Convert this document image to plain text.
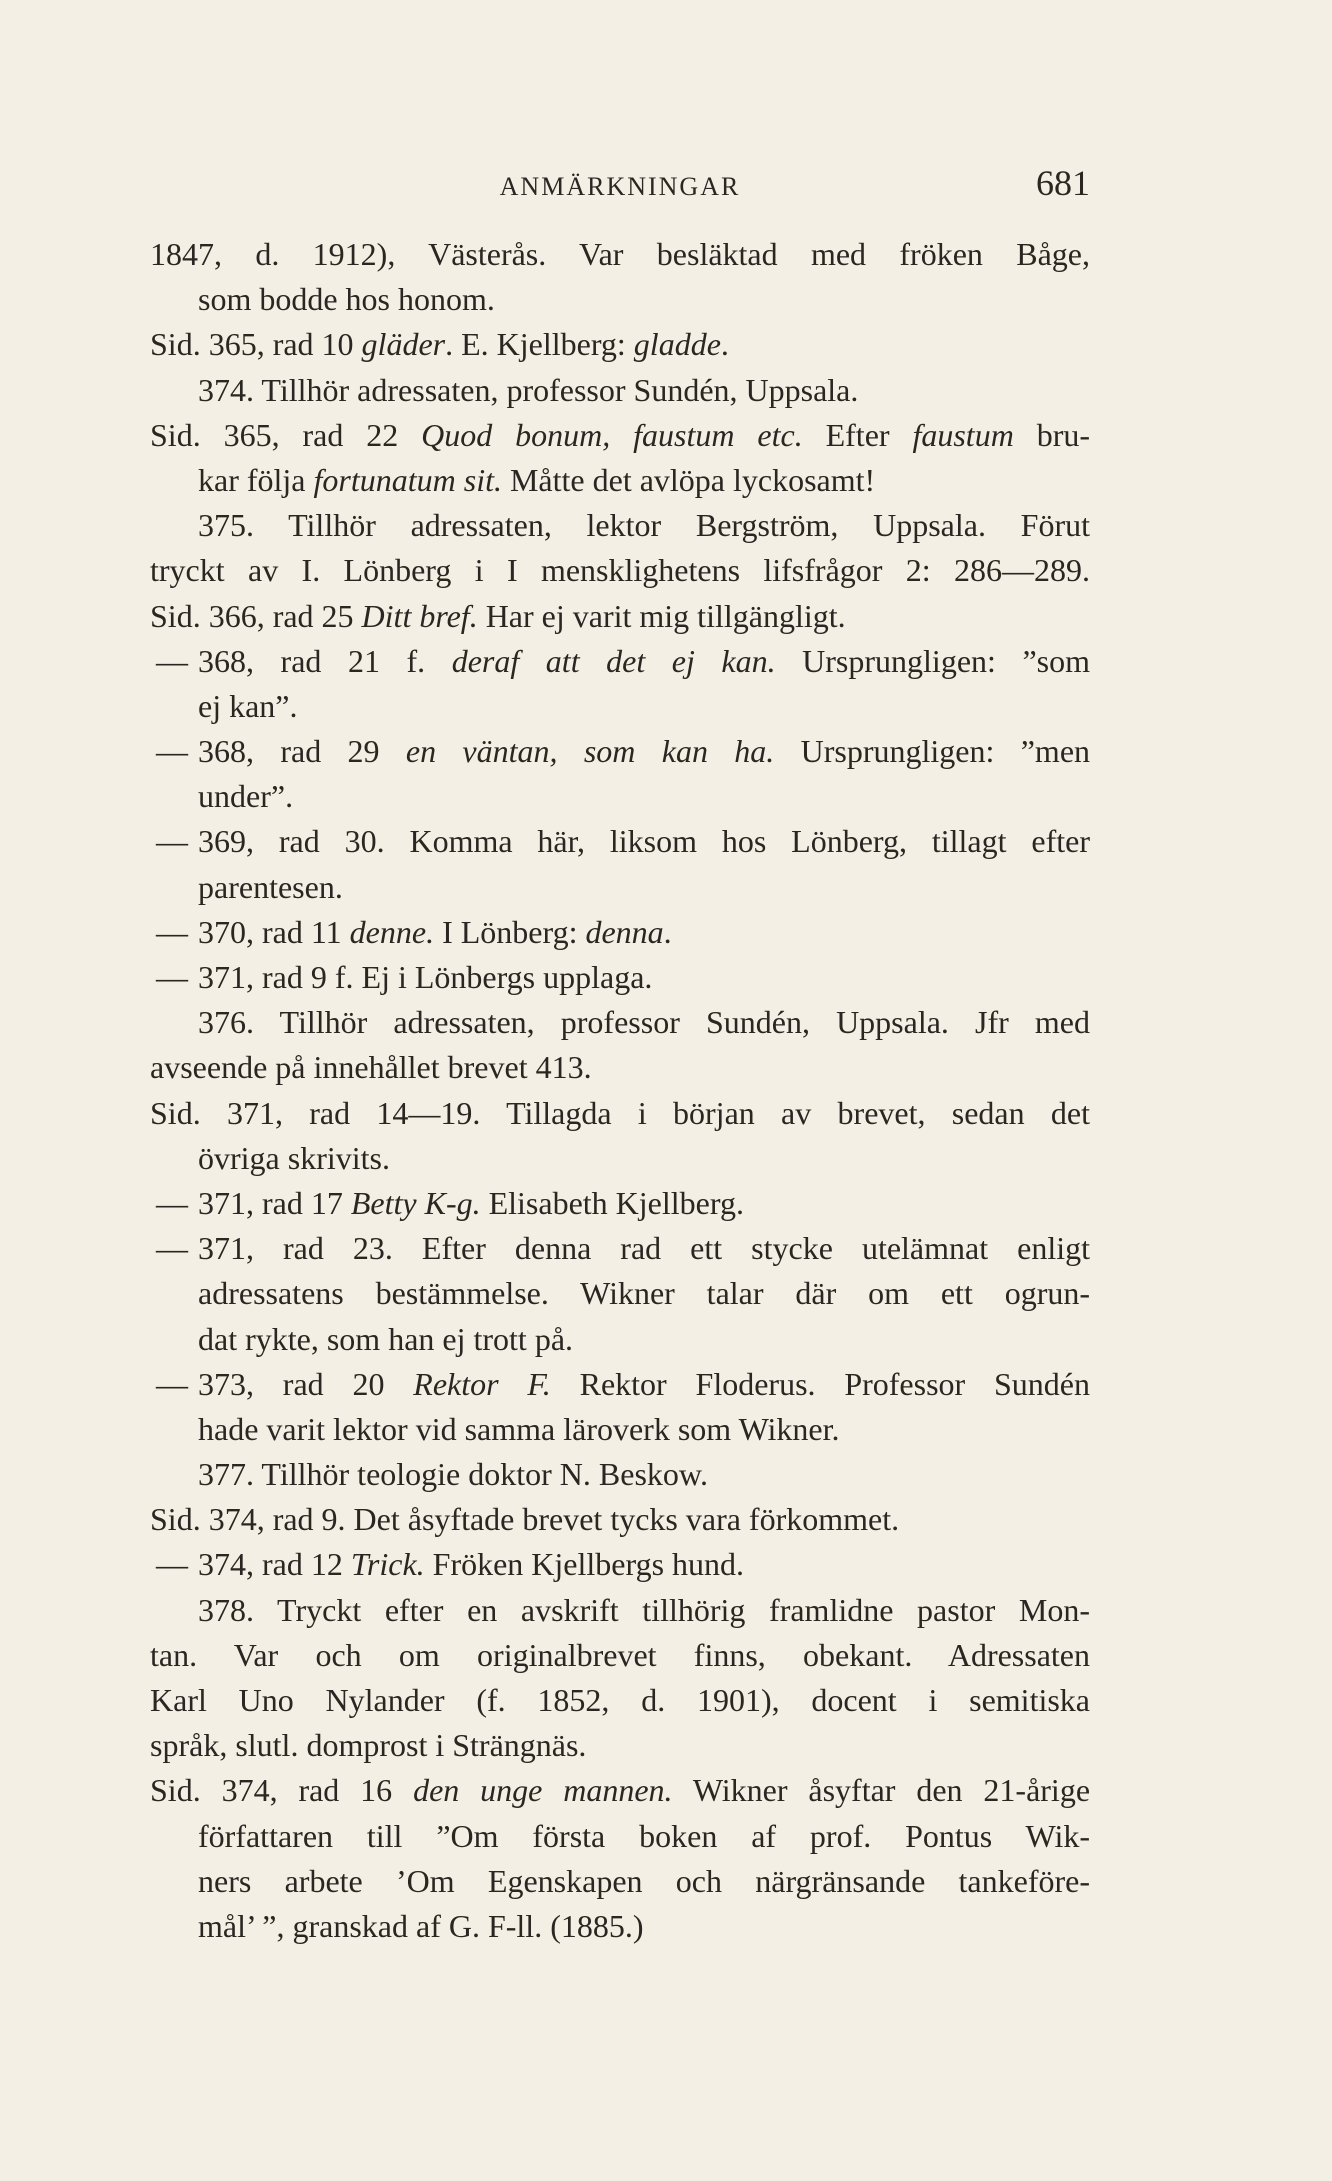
ANMÄRKNINGAR	681
1847, d. 1912), Västerås. Var besläktad med fröken Båge,
som bodde hos honom.
Sid. 365, rad 10 gläder. E. Kjellberg: gladde.
374. Tillhör adressaten, professor Sundén, Uppsala.
Sid. 365, rad 22 Quod bonum, faustum etc. Efter faustum bru-
kar följa fortunatum sit. Måtte det avlöpa lyckosamt!
375. Tillhör adressaten, lektor Bergström, Uppsala. Förut
tryckt av I. Lönberg i I mensklighetens lifsfrågor 2: 286—289.
Sid. 366, rad 25 Ditt bref. Har ej varit mig tillgängligt.
— 368, rad 21 f. deraf att det ej kan. Ursprungligen: ”som
ej kan”.
— 368, rad 29 en väntan, som kan ha. Ursprungligen: ”men
under”.
— 369, rad 30. Komma här, liksom hos Lönberg, tillagt efter
parentesen.
— 370, rad 11 denne. I Lönberg: denna.
— 371, rad 9 f. Ej i Lönbergs upplaga.
376. Tillhör adressaten, professor Sundén, Uppsala. Jfr med
avseende på innehållet brevet 413.
Sid. 371, rad 14—19. Tillagda i början av brevet, sedan det
övriga skrivits.
— 371, rad 17 Betty K-g. Elisabeth Kjellberg.
— 371, rad 23. Efter denna rad ett stycke utelämnat enligt
adressatens bestämmelse. Wikner talar där om ett ogrun-
dat rykte, som han ej trott på.
— 373, rad 20 Rektor F. Rektor Floderus. Professor Sundén
hade varit lektor vid samma läroverk som Wikner.
377. Tillhör teologie doktor N. Beskow.
Sid. 374, rad 9. Det åsyftade brevet tycks vara förkommet.
— 374, rad 12 Trick. Fröken Kjellbergs hund.
378. Tryckt efter en avskrift tillhörig framlidne pastor Mon-
tan. Var och om originalbrevet finns, obekant. Adressaten
Karl Uno Nylander (f. 1852, d. 1901), docent i semitiska
språk, slutl. domprost i Strängnäs.
Sid. 374, rad 16 den unge mannen. Wikner åsyftar den 21-årige
författaren till ”Om första boken af prof. Pontus Wik-
ners arbete ’Om Egenskapen och närgränsande tankeföre-
mål’ ”, granskad af G. F-ll. (1885.)
